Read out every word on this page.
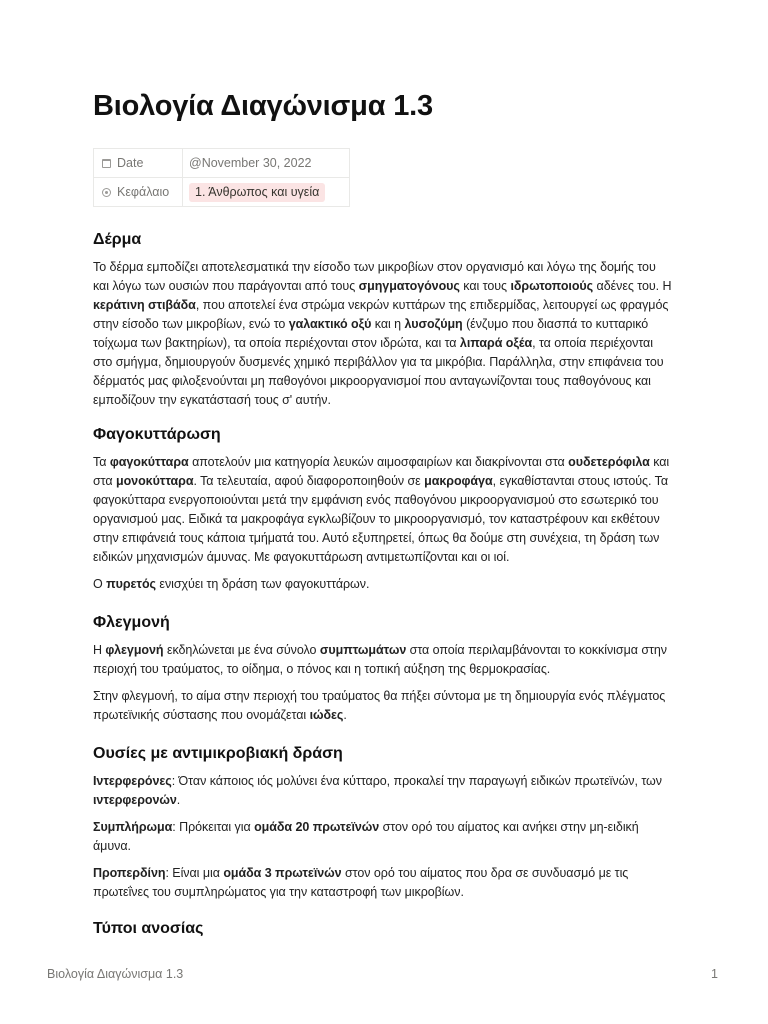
Βιολογία Διαγώνισμα 1.3
Date	@November 30, 2022
Κεφάλαιο	1. Άνθρωπος και υγεία
Δέρμα

Το δέρμα εμποδίζει αποτελεσματικά την είσοδο των μικροβίων στον οργανισμό και λόγω της δομής του και λόγω των ουσιών που παράγονται από τους σμηγματογόνους και τους ιδρωτοποιούς αδένες του. Η κεράτινη στιβάδα, που αποτελεί ένα στρώμα νεκρών κυττάρων της επιδερμίδας, λειτουργεί ως φραγμός στην είσοδο των μικροβίων, ενώ το γαλακτικό οξύ και η λυσοζύμη (ένζυμο που διασπά το κυτταρικό τοίχωμα των βακτηρίων), τα οποία περιέχονται στον ιδρώτα, και τα λιπαρά οξέα, τα οποία περιέχονται στο σμήγμα, δημιουργούν δυσμενές χημικό περιβάλλον για τα μικρόβια. Παράλληλα, στην επιφάνεια του δέρματός μας φιλοξενούνται μη παθογόνοι μικροοργανισμοί που ανταγωνίζονται τους παθογόνους και εμποδίζουν την εγκατάστασή τους σ' αυτήν.

Φαγοκυττάρωση

Τα φαγοκύτταρα αποτελούν μια κατηγορία λευκών αιμοσφαιρίων και διακρίνονται στα ουδετερόφιλα και στα μονοκύτταρα. Τα τελευταία, αφού διαφοροποιηθούν σε μακροφάγα, εγκαθίστανται στους ιστούς. Τα φαγοκύτταρα ενεργοποιούνται μετά την εμφάνιση ενός παθογόνου μικροοργανισμού στο εσωτερικό του οργανισμού μας. Ειδικά τα μακροφάγα εγκλωβίζουν το μικροοργανισμό, τον καταστρέφουν και εκθέτουν στην επιφάνειά τους κάποια τμήματά του. Αυτό εξυπηρετεί, όπως θα δούμε στη συνέχεια, τη δράση των ειδικών μηχανισμών άμυνας. Με φαγοκυττάρωση αντιμετωπίζονται και οι ιοί.

Ο πυρετός ενισχύει τη δράση των φαγοκυττάρων.

Φλεγμονή

Η φλεγμονή εκδηλώνεται με ένα σύνολο συμπτωμάτων στα οποία περιλαμβάνονται το κοκκίνισμα στην περιοχή του τραύματος, το οίδημα, ο πόνος και η τοπική αύξηση της θερμοκρασίας.

Στην φλεγμονή, το αίμα στην περιοχή του τραύματος θα πήξει σύντομα με τη δημιουργία ενός πλέγματος πρωτεϊνικής σύστασης που ονομάζεται ιώδες.

Ουσίες με αντιμικροβιακή δράση

Ιντερφερόνες: Όταν κάποιος ιός μολύνει ένα κύτταρο, προκαλεί την παραγωγή ειδικών πρωτεϊνών, των ιντερφερονών.

Συμπλήρωμα: Πρόκειται για ομάδα 20 πρωτεϊνών στον ορό του αίματος και ανήκει στην μη-ειδική άμυνα.

Προπερδίνη: Είναι μια ομάδα 3 πρωτεϊνών στον ορό του αίματος που δρα σε συνδυασμό με τις πρωτεΐνες του συμπληρώματος για την καταστροφή των μικροβίων.

Τύποι ανοσίας
Βιολογία Διαγώνισμα 1.3	1
